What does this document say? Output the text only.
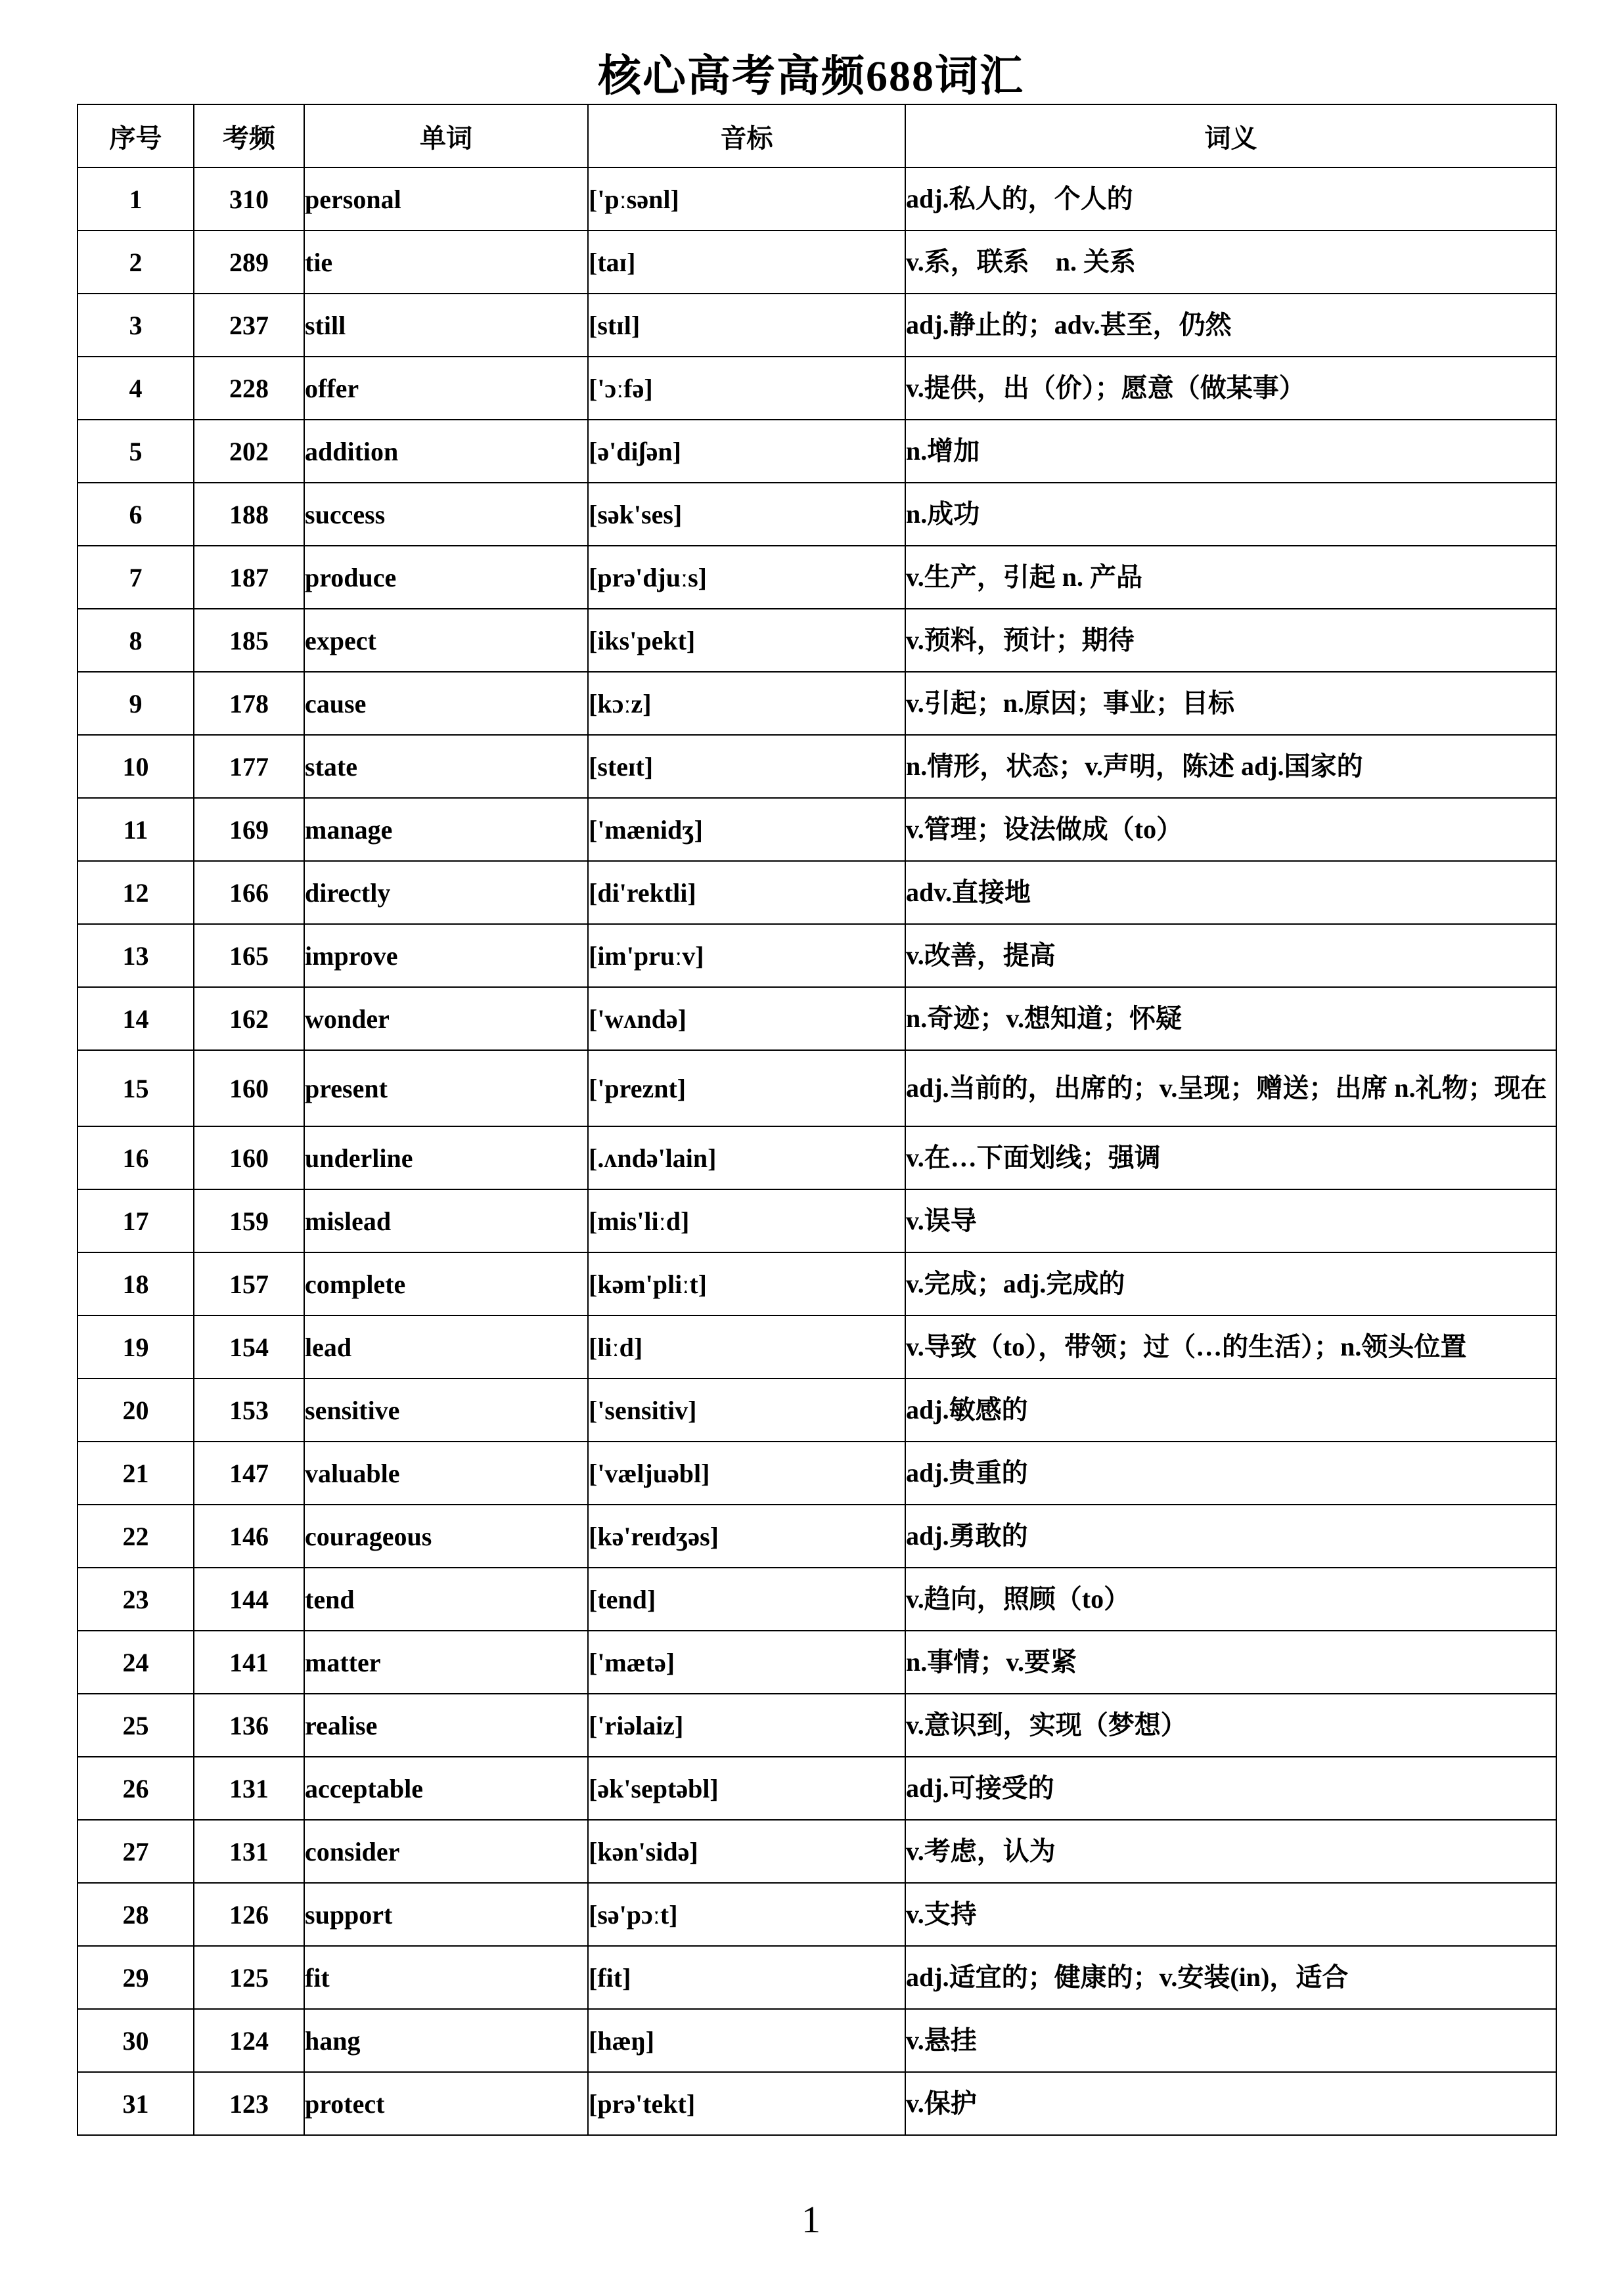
核心高考高频688词汇
序号	考频	单词	音标	词义
1	310	personal	['pːsənl]	adj.私人的，个人的
2	289	tie	[taɪ]	v.系，联系　n. 关系
3	237	still	[stɪl]	adj.静止的；adv.甚至，仍然
4	228	offer	['ɔːfə]	v.提供，出（价）；愿意（做某事）
5	202	addition	[ə'diʃən]	n.增加
6	188	success	[sək'ses]	n.成功
7	187	produce	[prə'djuːs]	v.生产，引起 n. 产品
8	185	expect	[iks'pekt]	v.预料，预计；期待
9	178	cause	[kɔːz]	v.引起；n.原因；事业；目标
10	177	state	[steɪt]	n.情形，状态；v.声明，陈述 adj.国家的
11	169	manage	['mænidʒ]	v.管理；设法做成（to）
12	166	directly	[di'rektli]	adv.直接地
13	165	improve	[im'pruːv]	v.改善，提高
14	162	wonder	['wʌndə]	n.奇迹；v.想知道；怀疑
15	160	present	['preznt]	adj.当前的，出席的；v.呈现；赠送；出席 n.礼物；现在
16	160	underline	[.ʌndə'lain]	v.在…下面划线；强调
17	159	mislead	[mis'liːd]	v.误导
18	157	complete	[kəm'pliːt]	v.完成；adj.完成的
19	154	lead	[liːd]	v.导致（to），带领；过（…的生活）；n.领头位置
20	153	sensitive	['sensitiv]	adj.敏感的
21	147	valuable	['væljuəbl]	adj.贵重的
22	146	courageous	[kə'reɪdʒəs]	adj.勇敢的
23	144	tend	[tend]	v.趋向，照顾（to）
24	141	matter	['mætə]	n.事情；v.要紧
25	136	realise	['riəlaiz]	v.意识到，实现（梦想）
26	131	acceptable	[ək'septəbl]	adj.可接受的
27	131	consider	[kən'sidə]	v.考虑，认为
28	126	support	[sə'pɔːt]	v.支持
29	125	fit	[fit]	adj.适宜的；健康的；v.安装(in)，适合
30	124	hang	[hæŋ]	v.悬挂
31	123	protect	[prə'tekt]	v.保护
1
